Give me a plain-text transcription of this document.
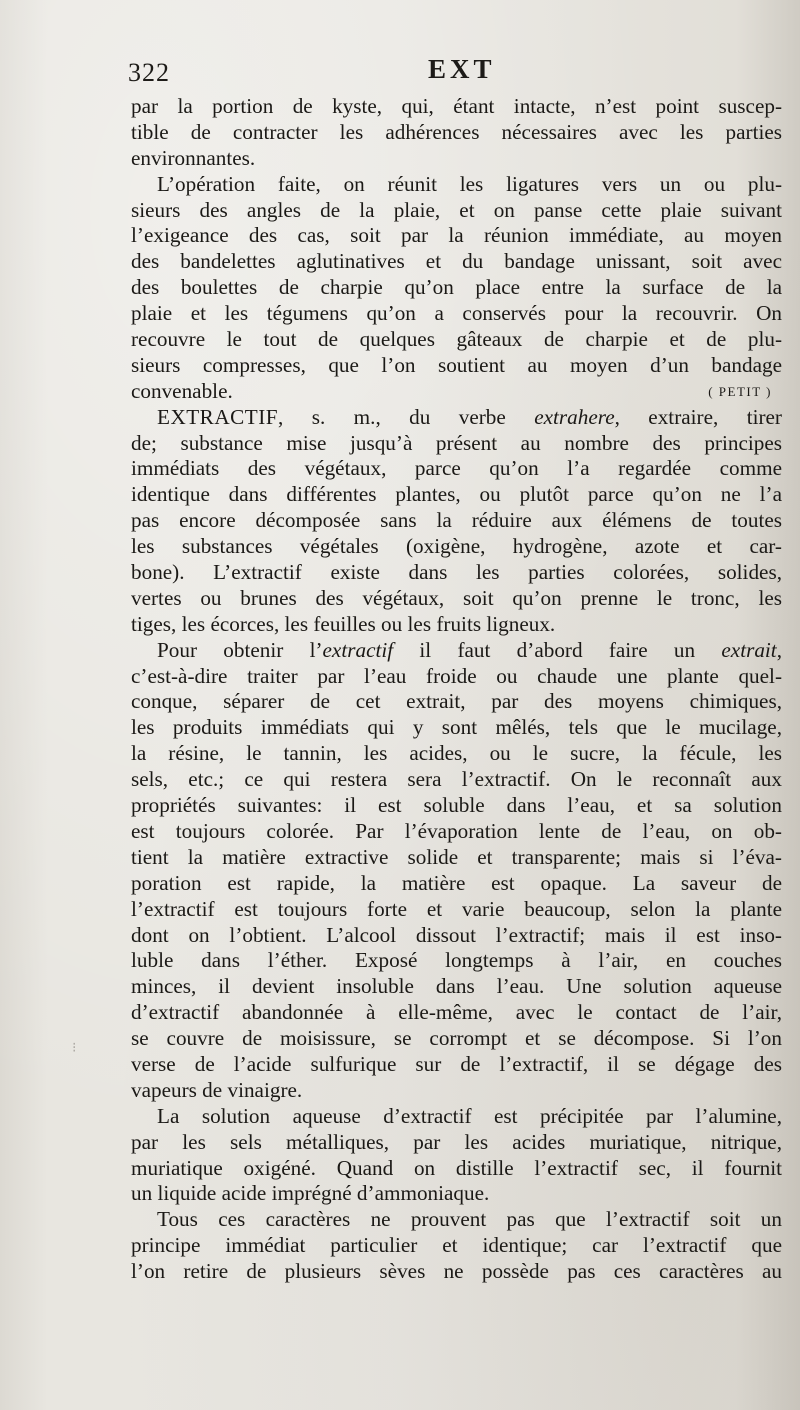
⁝
322	EXT
par la portion de kyste, qui, étant intacte, n’est point suscep-
tible de contracter les adhérences nécessaires avec les parties
environnantes.
L’opération faite, on réunit les ligatures vers un ou plu-
sieurs des angles de la plaie, et on panse cette plaie suivant
l’exigeance des cas, soit par la réunion immédiate, au moyen
des bandelettes aglutinatives et du bandage unissant, soit avec
des boulettes de charpie qu’on place entre la surface de la
plaie et les tégumens qu’on a conservés pour la recouvrir. On
recouvre le tout de quelques gâteaux de charpie et de plu-
sieurs compresses, que l’on soutient au moyen d’un bandage
convenable.	( PETIT )
EXTRACTIF, s. m., du verbe extrahere, extraire, tirer
de; substance mise jusqu’à présent au nombre des principes
immédiats des végétaux, parce qu’on l’a regardée comme
identique dans différentes plantes, ou plutôt parce qu’on ne l’a
pas encore décomposée sans la réduire aux élémens de toutes
les substances végétales (oxigène, hydrogène, azote et car-
bone). L’extractif existe dans les parties colorées, solides,
vertes ou brunes des végétaux, soit qu’on prenne le tronc, les
tiges, les écorces, les feuilles ou les fruits ligneux.
Pour obtenir l’extractif il faut d’abord faire un extrait,
c’est-à-dire traiter par l’eau froide ou chaude une plante quel-
conque, séparer de cet extrait, par des moyens chimiques,
les produits immédiats qui y sont mêlés, tels que le mucilage,
la résine, le tannin, les acides, ou le sucre, la fécule, les
sels, etc.; ce qui restera sera l’extractif. On le reconnaît aux
propriétés suivantes: il est soluble dans l’eau, et sa solution
est toujours colorée. Par l’évaporation lente de l’eau, on ob-
tient la matière extractive solide et transparente; mais si l’éva-
poration est rapide, la matière est opaque. La saveur de
l’extractif est toujours forte et varie beaucoup, selon la plante
dont on l’obtient. L’alcool dissout l’extractif; mais il est inso-
luble dans l’éther. Exposé longtemps à l’air, en couches
minces, il devient insoluble dans l’eau. Une solution aqueuse
d’extractif abandonnée à elle-même, avec le contact de l’air,
se couvre de moisissure, se corrompt et se décompose. Si l’on
verse de l’acide sulfurique sur de l’extractif, il se dégage des
vapeurs de vinaigre.
La solution aqueuse d’extractif est précipitée par l’alumine,
par les sels métalliques, par les acides muriatique, nitrique,
muriatique oxigéné. Quand on distille l’extractif sec, il fournit
un liquide acide imprégné d’ammoniaque.
Tous ces caractères ne prouvent pas que l’extractif soit un
principe immédiat particulier et identique; car l’extractif que
l’on retire de plusieurs sèves ne possède pas ces caractères au
